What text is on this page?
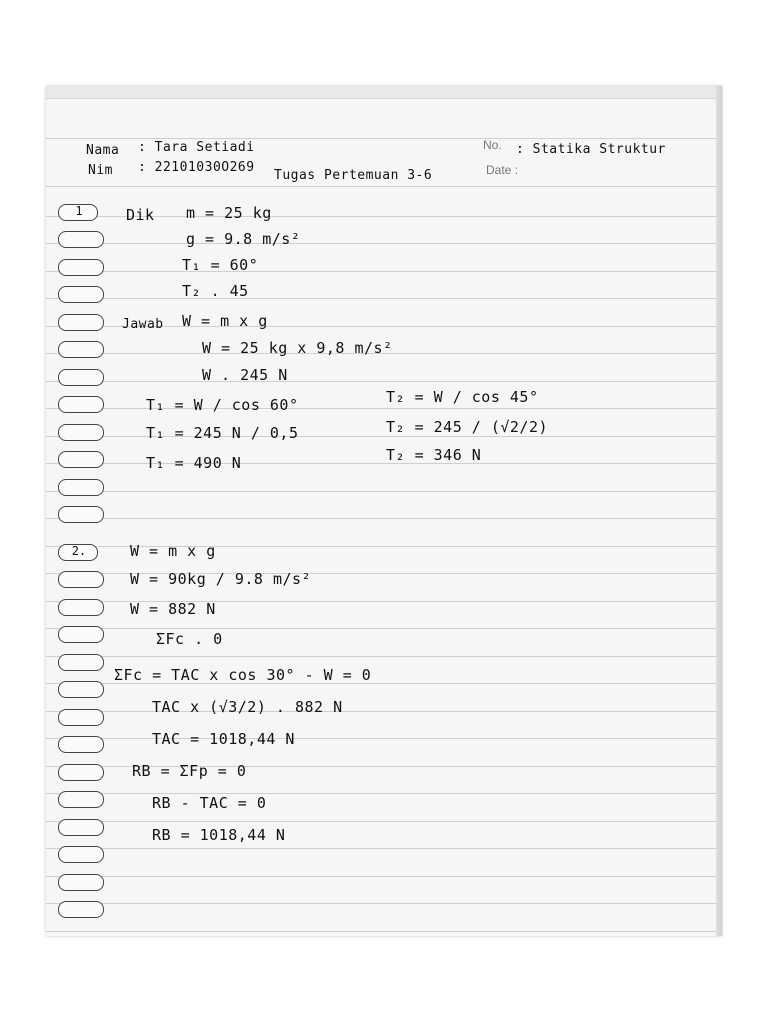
1
2.
Nama : Tara Setiadi
Nim : 22101030O269
Tugas Pertemuan 3-6
No. : Statika Struktur
Date :
Dik m = 25 kg
g = 9.8 m/s²
T₁ = 60°
T₂ . 45
Jawab W = m x g
W = 25 kg x 9,8 m/s²
W . 245 N
T₁ = W / cos 60°
T₁ = 245 N / 0,5
T₁ = 490 N
T₂ = W / cos 45°
T₂ = 245 / (√2/2)
T₂ = 346 N
W = m x g
W = 90kg / 9.8 m/s²
W = 882 N
ΣFc . 0
ΣFc = TAC x cos 30° - W = 0
TAC x (√3/2) . 882 N
TAC = 1018,44 N
RB = ΣFp = 0
RB - TAC = 0
RB = 1018,44 N
